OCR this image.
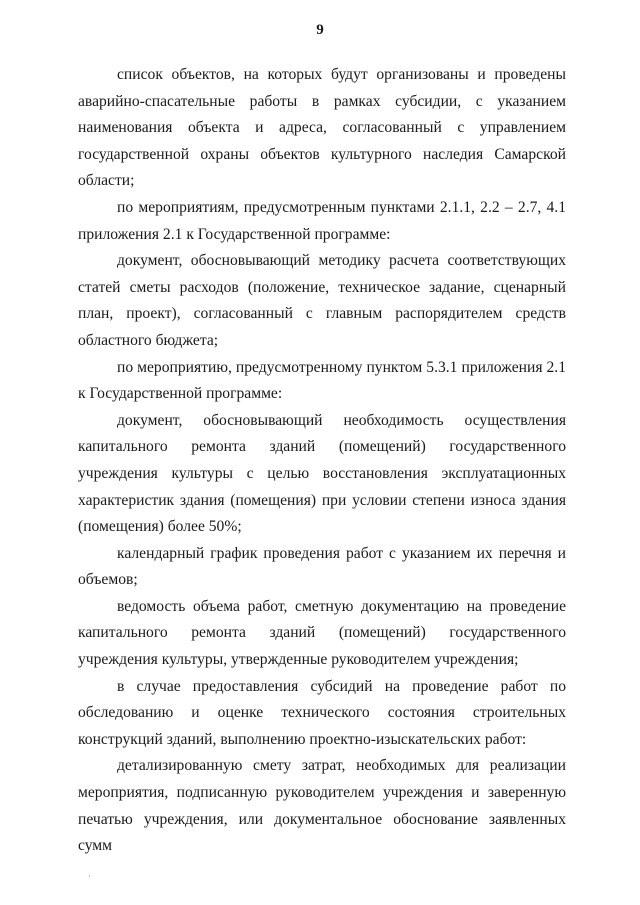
9

список объектов, на которых будут организованы и проведены аварийно-спасательные работы в рамках субсидии, с указанием наименования объекта и адреса, согласованный с управлением государственной охраны объектов культурного наследия Самарской области;

по мероприятиям, предусмотренным пунктами 2.1.1, 2.2 – 2.7, 4.1 приложения 2.1 к Государственной программе:

документ, обосновывающий методику расчета соответствующих статей сметы расходов (положение, техническое задание, сценарный план, проект), согласованный с главным распорядителем средств областного бюджета;

по мероприятию, предусмотренному пунктом 5.3.1 приложения 2.1 к Государственной программе:

документ, обосновывающий необходимость осуществления капитального ремонта зданий (помещений) государственного учреждения культуры с целью восстановления эксплуатационных характеристик здания (помещения) при условии степени износа здания (помещения) более 50%;

календарный график проведения работ с указанием их перечня и объемов;

ведомость объема работ, сметную документацию на проведение капитального ремонта зданий (помещений) государственного учреждения культуры, утвержденные руководителем учреждения;

в случае предоставления субсидий на проведение работ по обследованию и оценке технического состояния строительных конструкций зданий, выполнению проектно-изыскательских работ:

детализированную смету затрат, необходимых для реализации мероприятия, подписанную руководителем учреждения и заверенную печатью учреждения, или документальное обоснование заявленных сумм

·
